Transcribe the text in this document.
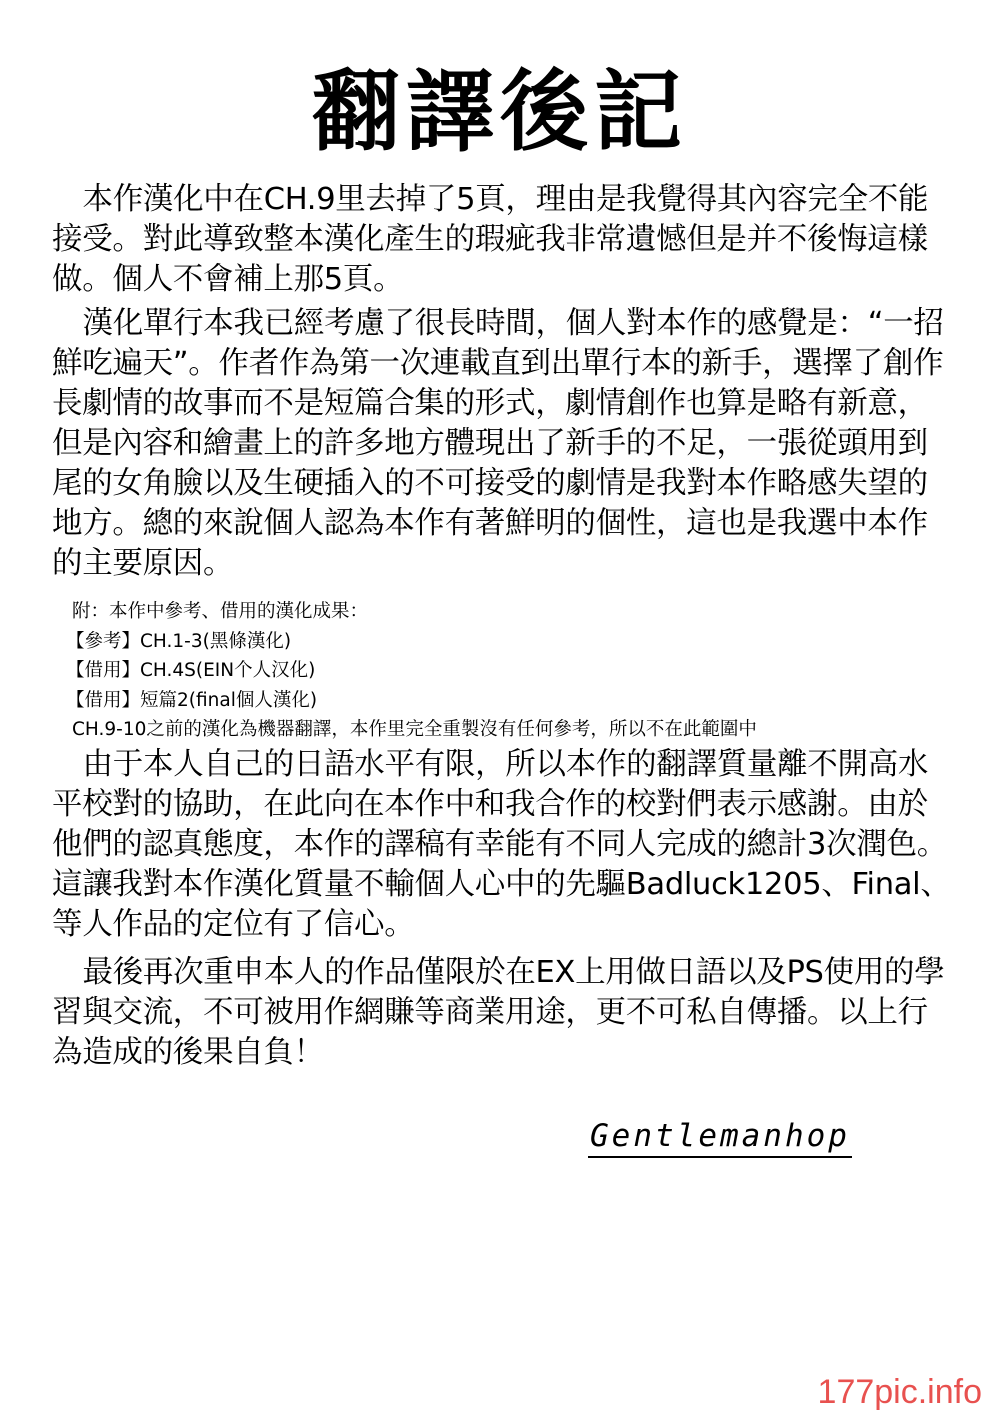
翻譯後記

本作漢化中在CH.9里去掉了5頁，理由是我覺得其內容完全不能接受。對此導致整本漢化產生的瑕疵我非常遺憾但是并不後悔這樣做。個人不會補上那5頁。

漢化單行本我已經考慮了很長時間，個人對本作的感覺是：“一招鮮吃遍天”。作者作為第一次連載直到出單行本的新手，選擇了創作長劇情的故事而不是短篇合集的形式，劇情創作也算是略有新意，但是內容和繪畫上的許多地方體現出了新手的不足，一張從頭用到尾的女角臉以及生硬插入的不可接受的劇情是我對本作略感失望的地方。總的來說個人認為本作有著鮮明的個性，這也是我選中本作的主要原因。

附：本作中參考、借用的漢化成果：
【參考】CH.1-3(黑條漢化)
【借用】CH.4S(EIN个人汉化)
【借用】短篇2(final個人漢化)
CH.9-10之前的漢化為機器翻譯，本作里完全重製沒有任何參考，所以不在此範圍中

由于本人自己的日語水平有限，所以本作的翻譯質量離不開高水平校對的協助，在此向在本作中和我合作的校對們表示感謝。由於他們的認真態度，本作的譯稿有幸能有不同人完成的總計3次潤色。這讓我對本作漢化質量不輸個人心中的先驅Badluck1205、Final、等人作品的定位有了信心。

最後再次重申本人的作品僅限於在EX上用做日語以及PS使用的學習與交流，不可被用作網賺等商業用途，更不可私自傳播。以上行為造成的後果自負！

Gentlemanhop
177pic.info
